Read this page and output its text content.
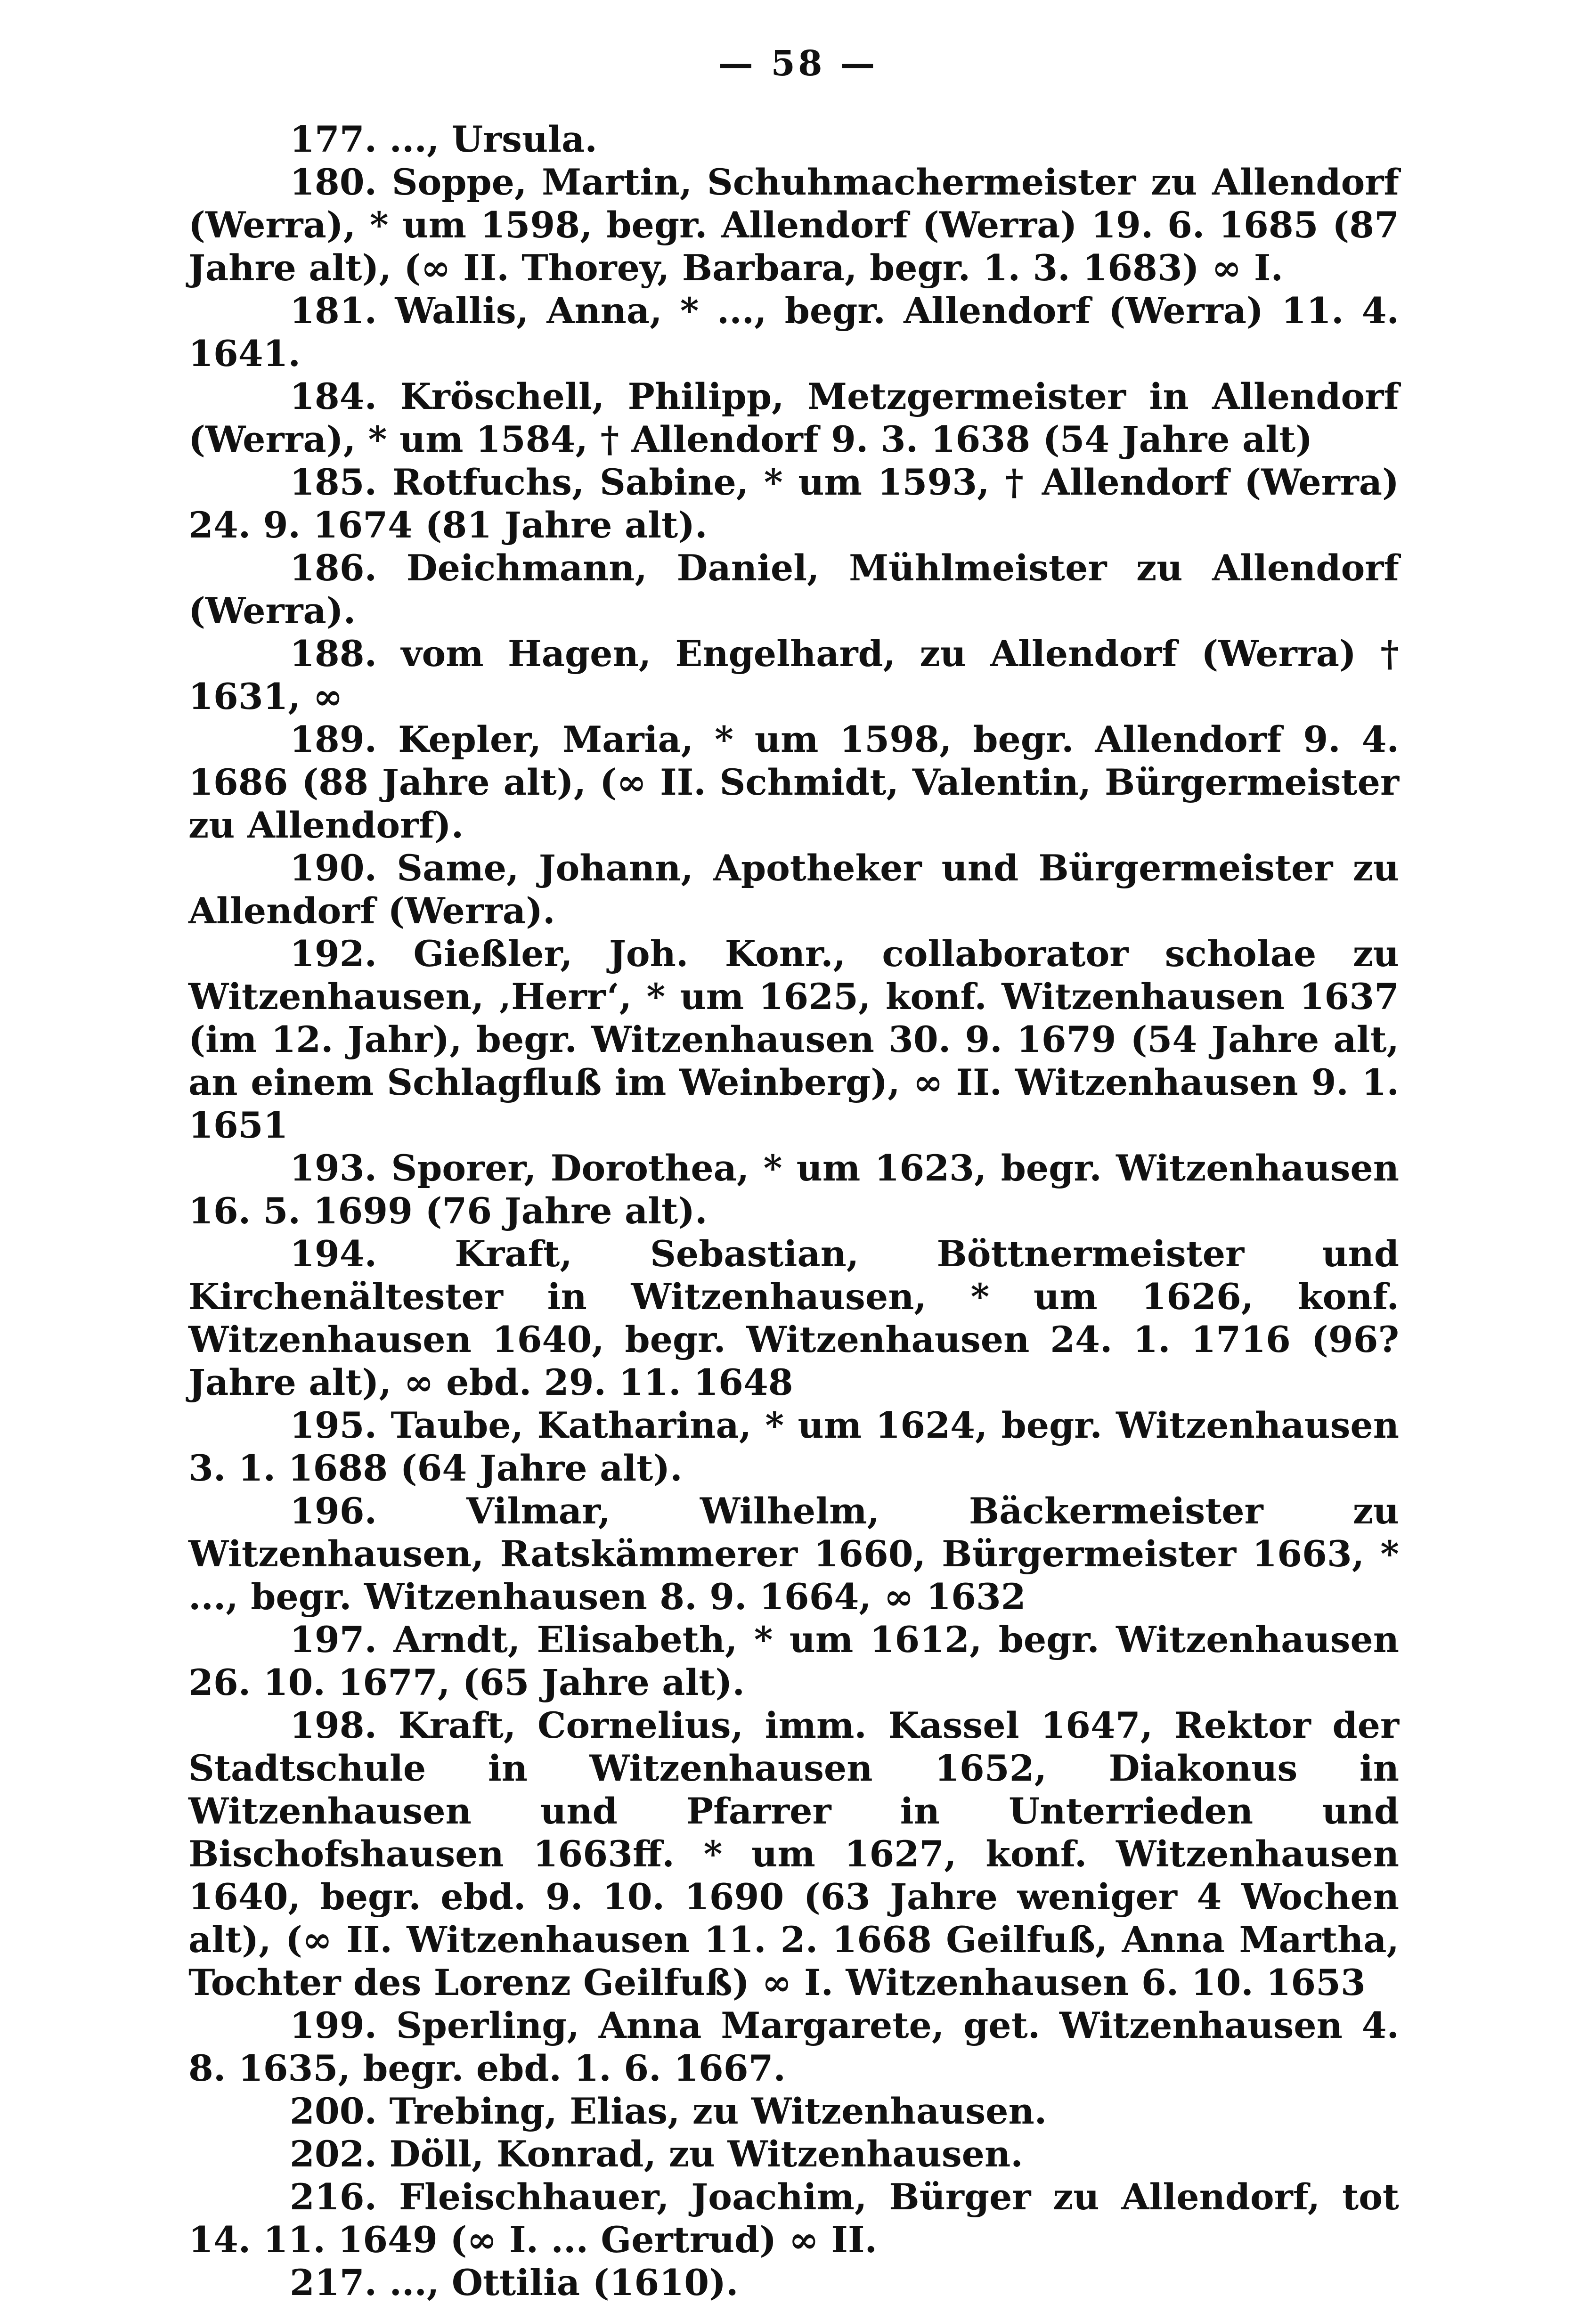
— 58 —

177. ..., Ursula.

180. Soppe, Martin, Schuhmachermeister zu Allendorf (Werra), * um 1598, begr. Allendorf (Werra) 19. 6. 1685 (87 Jahre alt), (∞ II. Thorey, Barbara, begr. 1. 3. 1683) ∞ I.

181. Wallis, Anna, * ..., begr. Allendorf (Werra) 11. 4. 1641.

184. Kröschell, Philipp, Metzgermeister in Allendorf (Werra), * um 1584, † Allendorf 9. 3. 1638 (54 Jahre alt)

185. Rotfuchs, Sabine, * um 1593, † Allendorf (Werra) 24. 9. 1674 (81 Jahre alt).

186. Deichmann, Daniel, Mühlmeister zu Allendorf (Werra).

188. vom Hagen, Engelhard, zu Allendorf (Werra) † 1631, ∞

189. Kepler, Maria, * um 1598, begr. Allendorf 9. 4. 1686 (88 Jahre alt), (∞ II. Schmidt, Valentin, Bürgermeister zu Allendorf).

190. Same, Johann, Apotheker und Bürgermeister zu Allendorf (Werra).

192. Gießler, Joh. Konr., collaborator scholae zu Witzenhausen, ‚Herr‘, * um 1625, konf. Witzenhausen 1637 (im 12. Jahr), begr. Witzenhausen 30. 9. 1679 (54 Jahre alt, an einem Schlagfluß im Weinberg), ∞ II. Witzenhausen 9. 1. 1651

193. Sporer, Dorothea, * um 1623, begr. Witzenhausen 16. 5. 1699 (76 Jahre alt).

194. Kraft, Sebastian, Böttnermeister und Kirchenältester in Witzenhausen, * um 1626, konf. Witzenhausen 1640, begr. Witzenhausen 24. 1. 1716 (96? Jahre alt), ∞ ebd. 29. 11. 1648

195. Taube, Katharina, * um 1624, begr. Witzenhausen 3. 1. 1688 (64 Jahre alt).

196. Vilmar, Wilhelm, Bäckermeister zu Witzenhausen, Ratskämmerer 1660, Bürgermeister 1663, * ..., begr. Witzenhausen 8. 9. 1664, ∞ 1632

197. Arndt, Elisabeth, * um 1612, begr. Witzenhausen 26. 10. 1677, (65 Jahre alt).

198. Kraft, Cornelius, imm. Kassel 1647, Rektor der Stadtschule in Witzenhausen 1652, Diakonus in Witzenhausen und Pfarrer in Unterrieden und Bischofshausen 1663ff. * um 1627, konf. Witzenhausen 1640, begr. ebd. 9. 10. 1690 (63 Jahre weniger 4 Wochen alt), (∞ II. Witzenhausen 11. 2. 1668 Geilfuß, Anna Martha, Tochter des Lorenz Geilfuß) ∞ I. Witzenhausen 6. 10. 1653

199. Sperling, Anna Margarete, get. Witzenhausen 4. 8. 1635, begr. ebd. 1. 6. 1667.

200. Trebing, Elias, zu Witzenhausen.

202. Döll, Konrad, zu Witzenhausen.

216. Fleischhauer, Joachim, Bürger zu Allendorf, tot 14. 11. 1649 (∞ I. ... Gertrud) ∞ II.

217. ..., Ottilia (1610).
